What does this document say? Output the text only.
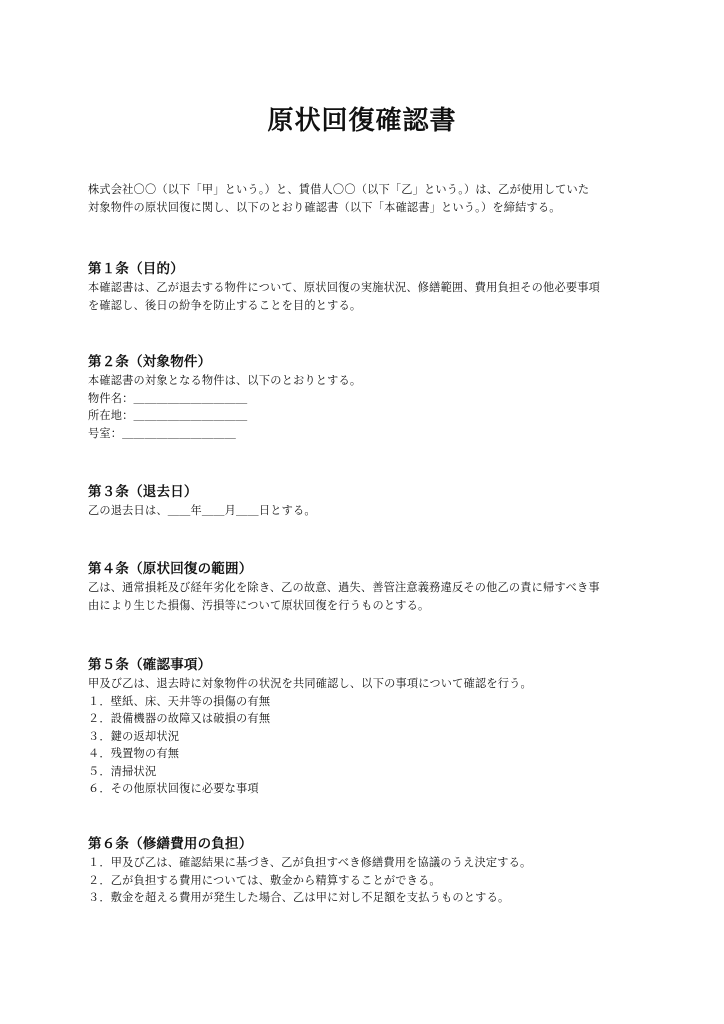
原状回復確認書

株式会社〇〇（以下「甲」という。）と、賃借人〇〇（以下「乙」という。）は、乙が使用していた

対象物件の原状回復に関し、以下のとおり確認書（以下「本確認書」という。）を締結する。

第１条（目的）

本確認書は、乙が退去する物件について、原状回復の実施状況、修繕範囲、費用負担その他必要事項

を確認し、後日の紛争を防止することを目的とする。

第２条（対象物件）

本確認書の対象となる物件は、以下のとおりとする。

物件名：＿＿＿＿＿＿＿＿＿＿

所在地：＿＿＿＿＿＿＿＿＿＿

号室：＿＿＿＿＿＿＿＿＿＿

第３条（退去日）

乙の退去日は、＿＿年＿＿月＿＿日とする。

第４条（原状回復の範囲）

乙は、通常損耗及び経年劣化を除き、乙の故意、過失、善管注意義務違反その他乙の責に帰すべき事

由により生じた損傷、汚損等について原状回復を行うものとする。

第５条（確認事項）

甲及び乙は、退去時に対象物件の状況を共同確認し、以下の事項について確認を行う。

１．壁紙、床、天井等の損傷の有無
２．設備機器の故障又は破損の有無
３．鍵の返却状況
４．残置物の有無
５．清掃状況
６．その他原状回復に必要な事項
第６条（修繕費用の負担）
１．甲及び乙は、確認結果に基づき、乙が負担すべき修繕費用を協議のうえ決定する。
２．乙が負担する費用については、敷金から精算することができる。
３．敷金を超える費用が発生した場合、乙は甲に対し不足額を支払うものとする。
